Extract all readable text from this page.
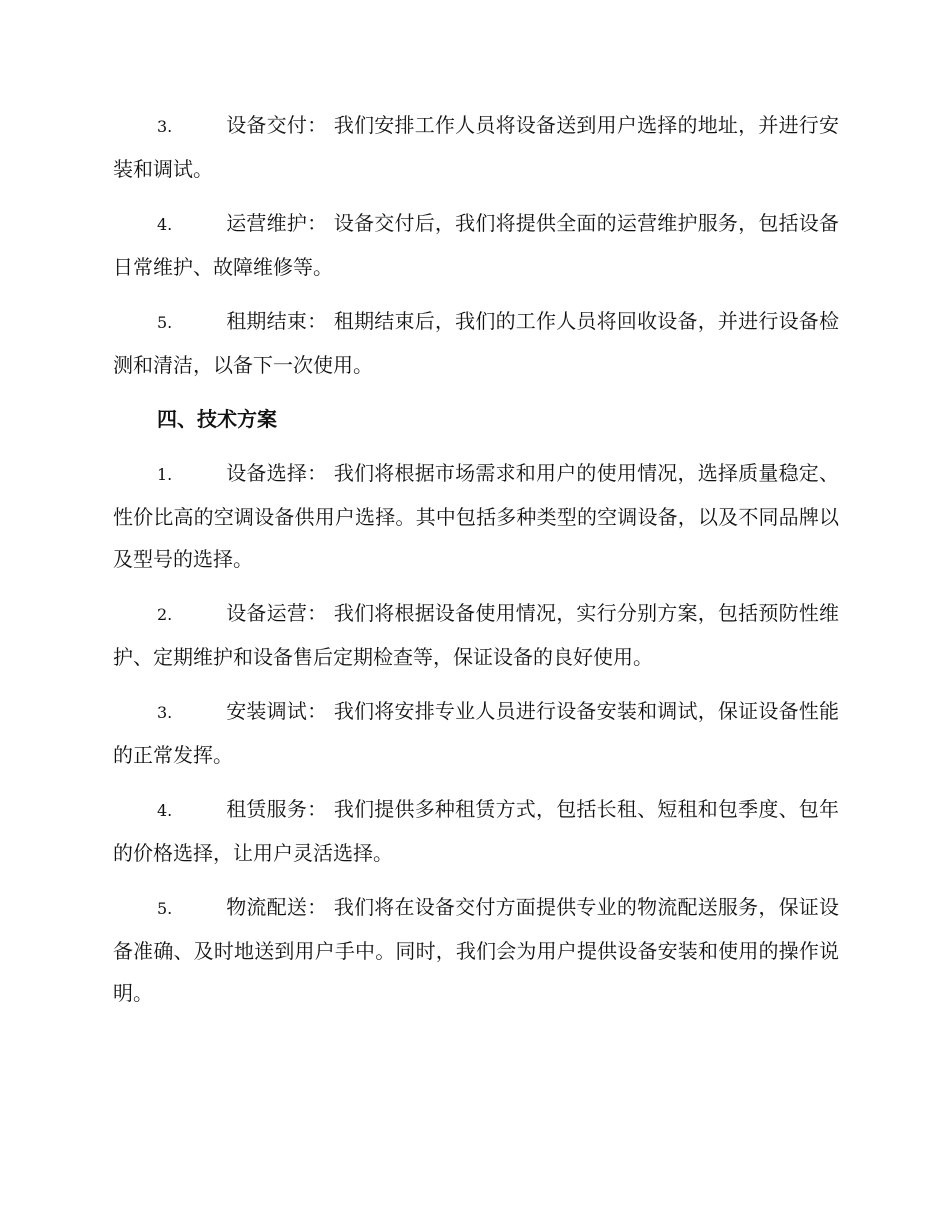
3.	设备交付： 我们安排工作人员将设备送到用户选择的地址，并进行安装和调试。

4.	运营维护： 设备交付后，我们将提供全面的运营维护服务，包括设备日常维护、故障维修等。

5.	租期结束： 租期结束后，我们的工作人员将回收设备，并进行设备检测和清洁，以备下一次使用。

四、技术方案

1.	设备选择： 我们将根据市场需求和用户的使用情况，选择质量稳定、性价比高的空调设备供用户选择。其中包括多种类型的空调设备，以及不同品牌以及型号的选择。

2.	设备运营： 我们将根据设备使用情况，实行分别方案，包括预防性维护、定期维护和设备售后定期检查等，保证设备的良好使用。

3.	安装调试： 我们将安排专业人员进行设备安装和调试，保证设备性能的正常发挥。

4.	租赁服务： 我们提供多种租赁方式，包括长租、短租和包季度、包年的价格选择，让用户灵活选择。

5.	物流配送： 我们将在设备交付方面提供专业的物流配送服务，保证设备准确、及时地送到用户手中。同时，我们会为用户提供设备安装和使用的操作说明。
